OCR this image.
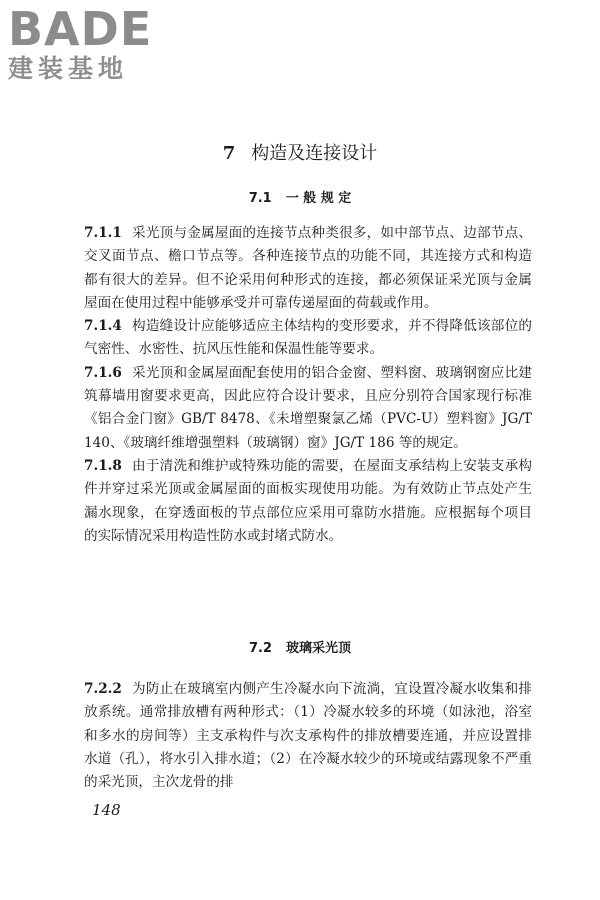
BADE
建装基地
7 构造及连接设计
7.1 一 般 规 定

7.1.1 采光顶与金属屋面的连接节点种类很多，如中部节点、边部节点、交叉面节点、檐口节点等。各种连接节点的功能不同，其连接方式和构造都有很大的差异。但不论采用何种形式的连接，都必须保证采光顶与金属屋面在使用过程中能够承受并可靠传递屋面的荷载或作用。

7.1.4 构造缝设计应能够适应主体结构的变形要求，并不得降低该部位的气密性、水密性、抗风压性能和保温性能等要求。

7.1.6 采光顶和金属屋面配套使用的铝合金窗、塑料窗、玻璃钢窗应比建筑幕墙用窗要求更高，因此应符合设计要求，且应分别符合国家现行标准《铝合金门窗》GB/T 8478、《未增塑聚氯乙烯（PVC-U）塑料窗》JG/T 140、《玻璃纤维增强塑料（玻璃钢）窗》JG/T 186 等的规定。

7.1.8 由于清洗和维护或特殊功能的需要，在屋面支承结构上安装支承构件并穿过采光顶或金属屋面的面板实现使用功能。为有效防止节点处产生漏水现象，在穿透面板的节点部位应采用可靠防水措施。应根据每个项目的实际情况采用构造性防水或封堵式防水。

7.2 玻璃采光顶

7.2.2 为防止在玻璃室内侧产生冷凝水向下流淌，宜设置冷凝水收集和排放系统。通常排放槽有两种形式：（1）冷凝水较多的环境（如泳池，浴室和多水的房间等）主支承构件与次支承构件的排放槽要连通，并应设置排水道（孔），将水引入排水道；（2）在冷凝水较少的环境或结露现象不严重的采光顶，主次龙骨的排

148
